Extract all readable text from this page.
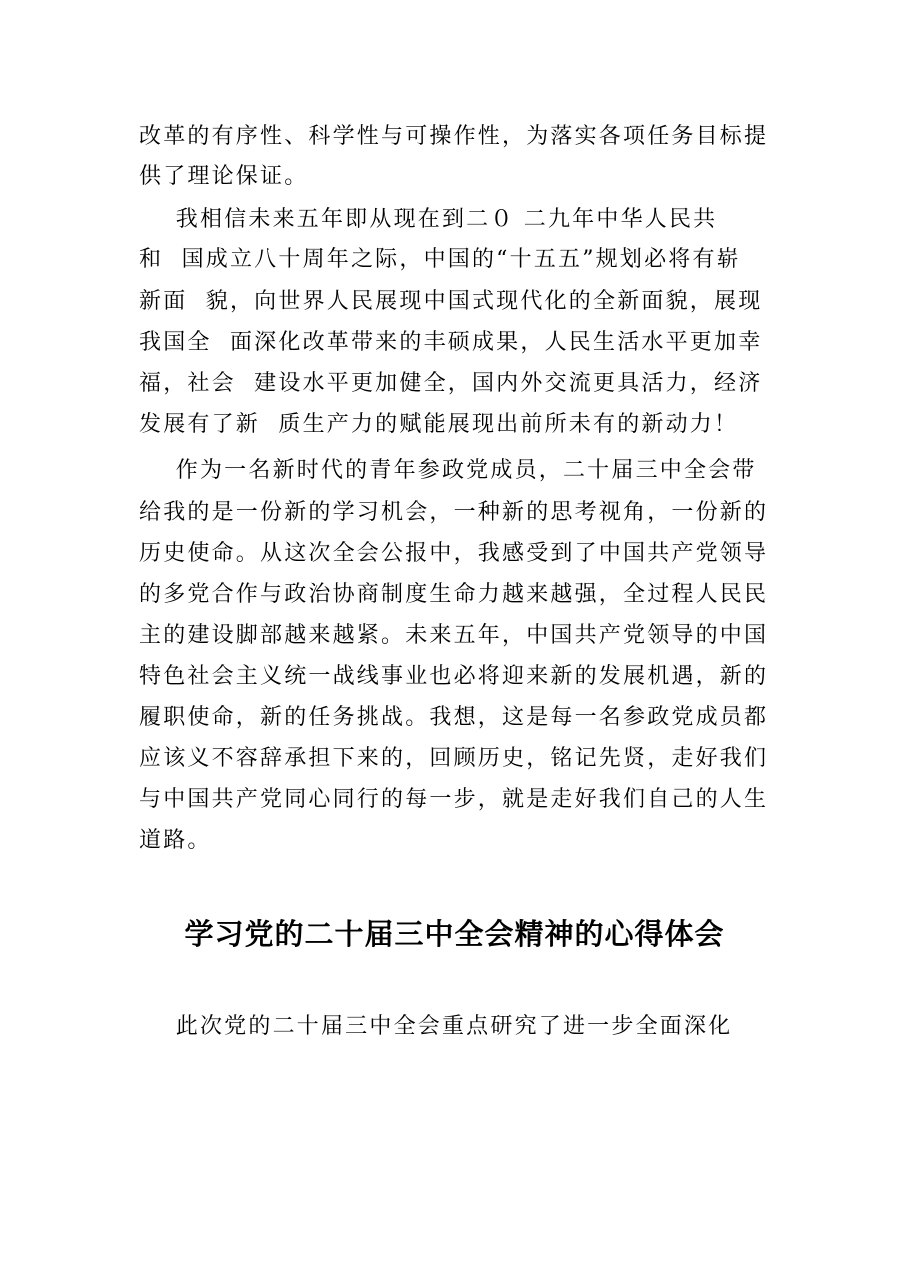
改革的有序性、科学性与可操作性，为落实各项任务目标提
供了理论保证。
我相信未来五年即从现在到二０ 二九年中华人民共
和  国成立八十周年之际，中国的“十五五”规划必将有崭
新面  貌，向世界人民展现中国式现代化的全新面貌，展现
我国全  面深化改革带来的丰硕成果，人民生活水平更加幸
福，社会  建设水平更加健全，国内外交流更具活力，经济
发展有了新  质生产力的赋能展现出前所未有的新动力！
作为一名新时代的青年参政党成员，二十届三中全会带
给我的是一份新的学习机会，一种新的思考视角，一份新的
历史使命。从这次全会公报中，我感受到了中国共产党领导
的多党合作与政治协商制度生命力越来越强，全过程人民民
主的建设脚部越来越紧。未来五年，中国共产党领导的中国
特色社会主义统一战线事业也必将迎来新的发展机遇，新的
履职使命，新的任务挑战。我想，这是每一名参政党成员都
应该义不容辞承担下来的，回顾历史，铭记先贤，走好我们
与中国共产党同心同行的每一步，就是走好我们自己的人生
道路。
学习党的二十届三中全会精神的心得体会
此次党的二十届三中全会重点研究了进一步全面深化
